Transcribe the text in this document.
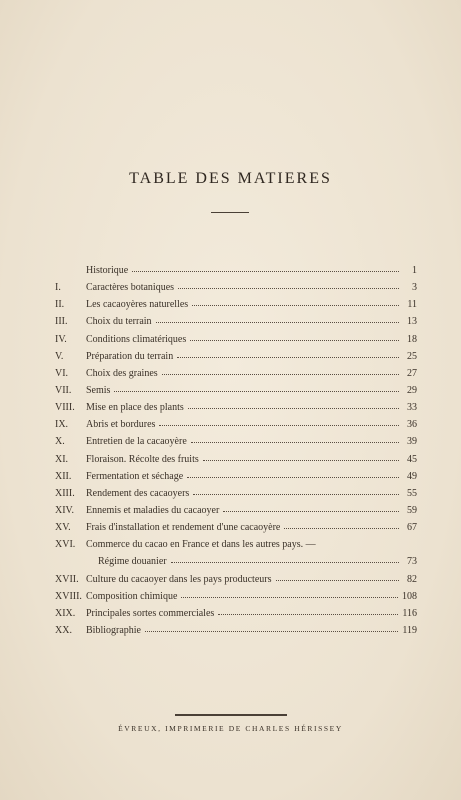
TABLE DES MATIERES
Historique	1
I.	Caractères botaniques	3
II.	Les cacaoyères naturelles	11
III.	Choix du terrain	13
IV.	Conditions climatériques	18
V.	Préparation du terrain	25
VI.	Choix des graines	27
VII.	Semis	29
VIII.	Mise en place des plants	33
IX.	Abris et bordures	36
X.	Entretien de la cacaoyère	39
XI.	Floraison. Récolte des fruits	45
XII.	Fermentation et séchage	49
XIII.	Rendement des cacaoyers	55
XIV.	Ennemis et maladies du cacaoyer	59
XV.	Frais d'installation et rendement d'une cacaoyère	67
XVI.	Commerce du cacao en France et dans les autres pays. —
Régime douanier	73
XVII. Culture du cacaoyer dans les pays producteurs	82
XVIII. Composition chimique	108
XIX.	Principales sortes commerciales	116
XX.	Bibliographie	119
ÉVREUX, IMPRIMERIE DE CHARLES HÉRISSEY
